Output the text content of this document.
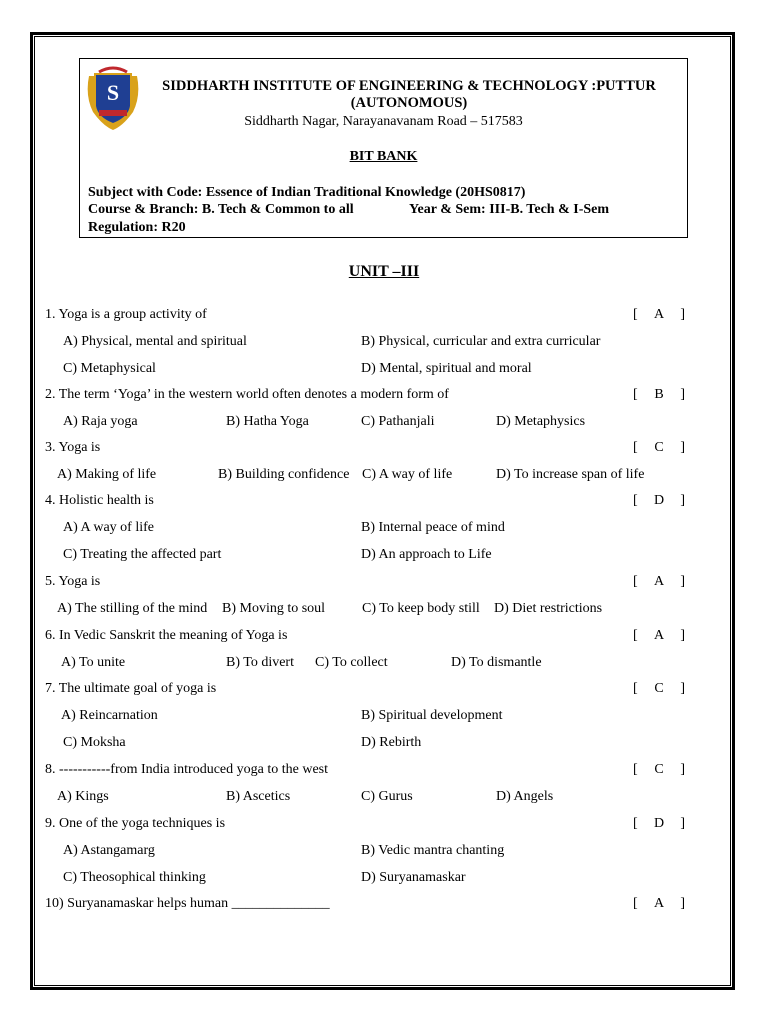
S	SIDDHARTH INSTITUTE OF ENGINEERING & TECHNOLOGY :PUTTUR
(AUTONOMOUS)
Siddharth Nagar, Narayanavanam Road – 517583
BIT BANK
Subject with Code: Essence of Indian Traditional Knowledge (20HS0817)
Course & Branch: B. Tech & Common to all	Year & Sem: III-B. Tech & I-Sem
Regulation: R20
UNIT –III
1. Yoga is a group activity of	[ A ]
A) Physical, mental and spiritual	B) Physical, curricular and extra curricular
C) Metaphysical	D) Mental, spiritual and moral
2. The term ‘Yoga’ in the western world often denotes a modern form of	[ B ]
A) Raja yoga	B) Hatha Yoga	C) Pathanjali	D) Metaphysics
3. Yoga is	[ C ]
A) Making of life	B) Building confidence C) A way of life	D) To increase span of life
4. Holistic health is	[ D ]
A) A way of life	B) Internal peace of mind
C) Treating the affected part	D) An approach to Life
5. Yoga is	[ A ]
A) The stilling of the mind B) Moving to soul	C) To keep body still D) Diet restrictions
6. In Vedic Sanskrit the meaning of Yoga is	[ A ]
A) To unite	B) To divert C) To collect	D) To dismantle
7. The ultimate goal of yoga is	[ C ]
A) Reincarnation	B) Spiritual development
C) Moksha	D) Rebirth
8. -----------from India introduced yoga to the west	[ C ]
A) Kings	B) Ascetics	C) Gurus	D) Angels
9. One of the yoga techniques is	[ D ]
A) Astangamarg	B) Vedic mantra chanting
C) Theosophical thinking	D) Suryanamaskar
10) Suryanamaskar helps human ______________	[ A ]
